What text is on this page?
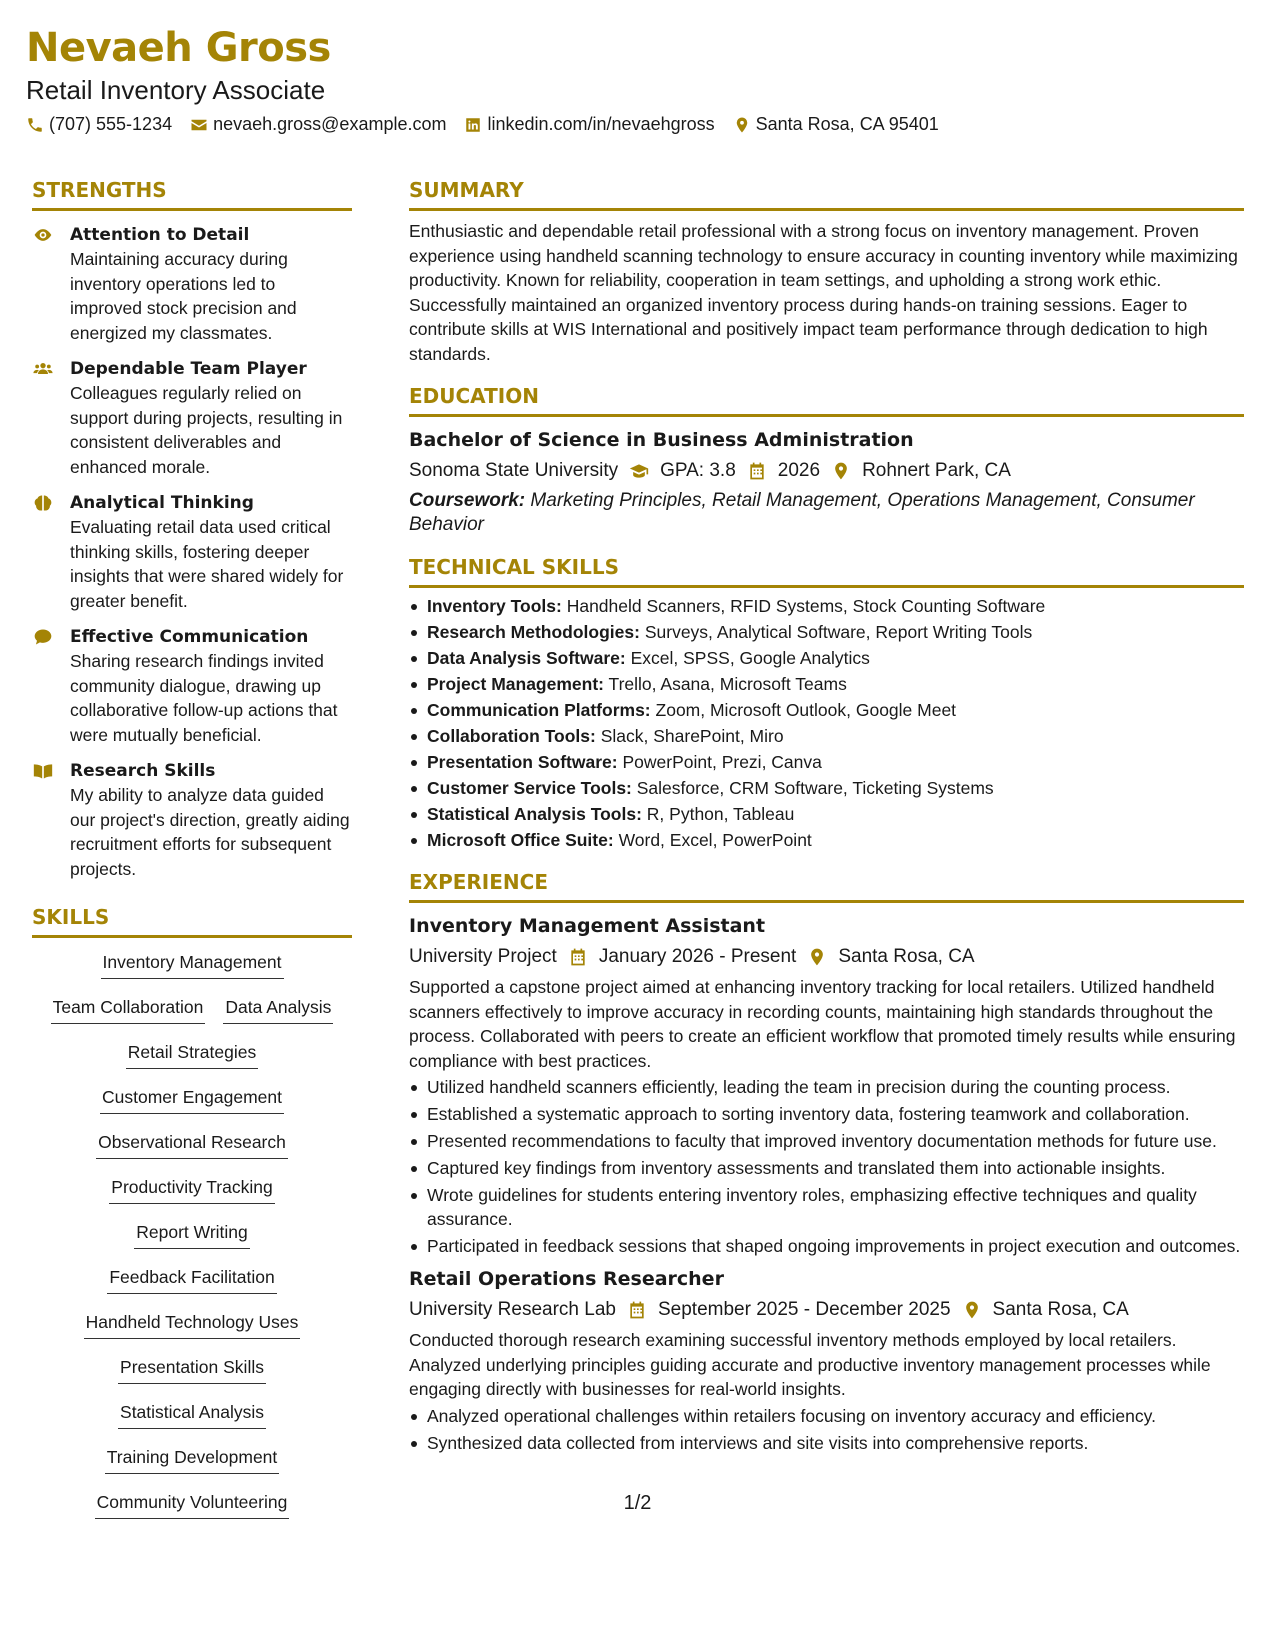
Nevaeh Gross
Retail Inventory Associate
(707) 555-1234 nevaeh.gross@example.com linkedin.com/in/nevaehgross Santa Rosa, CA 95401
STRENGTHS
Attention to Detail
Maintaining accuracy during inventory operations led to improved stock precision and energized my classmates.
Dependable Team Player
Colleagues regularly relied on support during projects, resulting in consistent deliverables and enhanced morale.
Analytical Thinking
Evaluating retail data used critical thinking skills, fostering deeper insights that were shared widely for greater benefit.
Effective Communication
Sharing research findings invited community dialogue, drawing up collaborative follow-up actions that were mutually beneficial.
Research Skills
My ability to analyze data guided our project's direction, greatly aiding recruitment efforts for subsequent projects.
SKILLS
Inventory Management
Team Collaboration Data Analysis
Retail Strategies
Customer Engagement
Observational Research
Productivity Tracking
Report Writing
Feedback Facilitation
Handheld Technology Uses
Presentation Skills
Statistical Analysis
Training Development
Community Volunteering
SUMMARY
Enthusiastic and dependable retail professional with a strong focus on inventory management. Proven experience using handheld scanning technology to ensure accuracy in counting inventory while maximizing productivity. Known for reliability, cooperation in team settings, and upholding a strong work ethic. Successfully maintained an organized inventory process during hands-on training sessions. Eager to contribute skills at WIS International and positively impact team performance through dedication to high standards.
EDUCATION
Bachelor of Science in Business Administration
Sonoma State University GPA: 3.8 2026 Rohnert Park, CA
Coursework: Marketing Principles, Retail Management, Operations Management, Consumer Behavior
TECHNICAL SKILLS
Inventory Tools: Handheld Scanners, RFID Systems, Stock Counting Software
Research Methodologies: Surveys, Analytical Software, Report Writing Tools
Data Analysis Software: Excel, SPSS, Google Analytics
Project Management: Trello, Asana, Microsoft Teams
Communication Platforms: Zoom, Microsoft Outlook, Google Meet
Collaboration Tools: Slack, SharePoint, Miro
Presentation Software: PowerPoint, Prezi, Canva
Customer Service Tools: Salesforce, CRM Software, Ticketing Systems
Statistical Analysis Tools: R, Python, Tableau
Microsoft Office Suite: Word, Excel, PowerPoint
EXPERIENCE
Inventory Management Assistant
University Project January 2026 - Present Santa Rosa, CA
Supported a capstone project aimed at enhancing inventory tracking for local retailers. Utilized handheld scanners effectively to improve accuracy in recording counts, maintaining high standards throughout the process. Collaborated with peers to create an efficient workflow that promoted timely results while ensuring compliance with best practices.
Utilized handheld scanners efficiently, leading the team in precision during the counting process.
Established a systematic approach to sorting inventory data, fostering teamwork and collaboration.
Presented recommendations to faculty that improved inventory documentation methods for future use.
Captured key findings from inventory assessments and translated them into actionable insights.
Wrote guidelines for students entering inventory roles, emphasizing effective techniques and quality assurance.
Participated in feedback sessions that shaped ongoing improvements in project execution and outcomes.
Retail Operations Researcher
University Research Lab September 2025 - December 2025 Santa Rosa, CA
Conducted thorough research examining successful inventory methods employed by local retailers. Analyzed underlying principles guiding accurate and productive inventory management processes while engaging directly with businesses for real-world insights.
Analyzed operational challenges within retailers focusing on inventory accuracy and efficiency.
Synthesized data collected from interviews and site visits into comprehensive reports.
1/2
